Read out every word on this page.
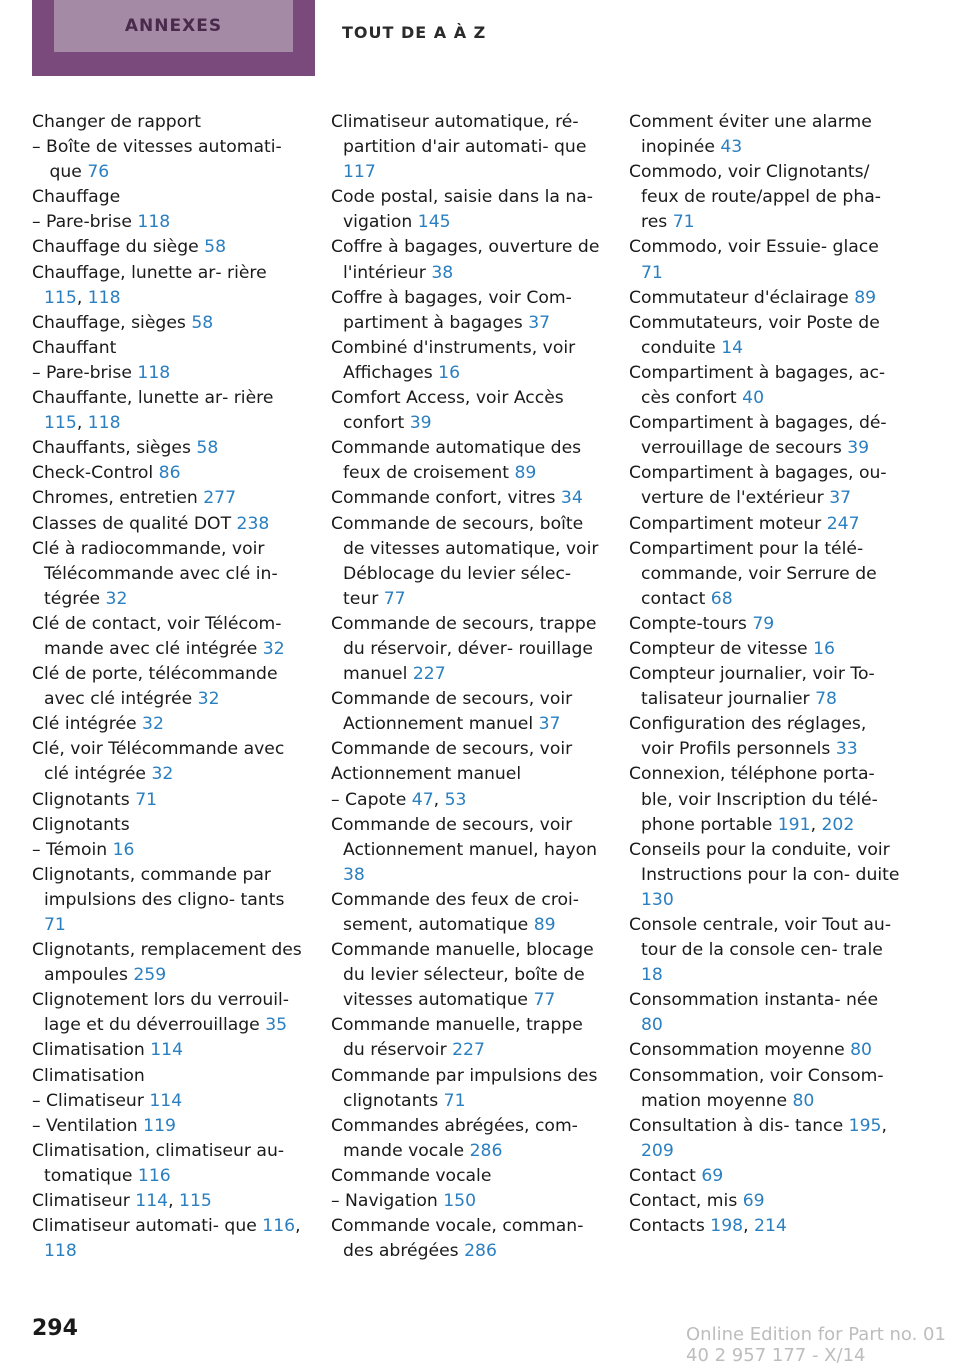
ANNEXES	TOUT DE A À Z
Changer de rapport
– Boîte de vitesses automati‐ que 76
Chauffage
– Pare-brise 118
Chauffage du siège 58
Chauffage, lunette ar‐ rière 115, 118
Chauffage, sièges 58
Chauffant
– Pare-brise 118
Chauffante, lunette ar‐ rière 115, 118
Chauffants, sièges 58
Check-Control 86
Chromes, entretien 277
Classes de qualité DOT 238
Clé à radiocommande, voir Télécommande avec clé in‐ tégrée 32
Clé de contact, voir Télécom‐ mande avec clé intégrée 32
Clé de porte, télécommande avec clé intégrée 32
Clé intégrée 32
Clé, voir Télécommande avec clé intégrée 32
Clignotants 71
Clignotants
– Témoin 16
Clignotants, commande par impulsions des cligno‐ tants 71
Clignotants, remplacement des ampoules 259
Clignotement lors du verrouil‐ lage et du déverrouillage 35
Climatisation 114
Climatisation
– Climatiseur 114
– Ventilation 119
Climatisation, climatiseur au‐ tomatique 116
Climatiseur 114, 115
Climatiseur automati‐ que 116, 118
Climatiseur automatique, ré‐ partition d'air automati‐ que 117
Code postal, saisie dans la na‐ vigation 145
Coffre à bagages, ouverture de l'intérieur 38
Coffre à bagages, voir Com‐ partiment à bagages 37
Combiné d'instruments, voir Affichages 16
Comfort Access, voir Accès confort 39
Commande automatique des feux de croisement 89
Commande confort, vitres 34
Commande de secours, boîte de vitesses automatique, voir Déblocage du levier sélec‐ teur 77
Commande de secours, trappe du réservoir, déver‐ rouillage manuel 227
Commande de secours, voir Actionnement manuel 37
Commande de secours, voir
Actionnement manuel
– Capote 47, 53
Commande de secours, voir Actionnement manuel, hayon 38
Commande des feux de croi‐ sement, automatique 89
Commande manuelle, blocage du levier sélecteur, boîte de vitesses automatique 77
Commande manuelle, trappe du réservoir 227
Commande par impulsions des clignotants 71
Commandes abrégées, com‐ mande vocale 286
Commande vocale
– Navigation 150
Commande vocale, comman‐ des abrégées 286
Comment éviter une alarme inopinée 43
Commodo, voir Clignotants/ feux de route/appel de pha‐ res 71
Commodo, voir Essuie- glace 71
Commutateur d'éclairage 89
Commutateurs, voir Poste de conduite 14
Compartiment à bagages, ac‐ cès confort 40
Compartiment à bagages, dé‐ verrouillage de secours 39
Compartiment à bagages, ou‐ verture de l'extérieur 37
Compartiment moteur 247
Compartiment pour la télé‐ commande, voir Serrure de contact 68
Compte-tours 79
Compteur de vitesse 16
Compteur journalier, voir To‐ talisateur journalier 78
Configuration des réglages, voir Profils personnels 33
Connexion, téléphone porta‐ ble, voir Inscription du télé‐ phone portable 191, 202
Conseils pour la conduite, voir Instructions pour la con‐ duite 130
Console centrale, voir Tout au‐ tour de la console cen‐ trale 18
Consommation instanta‐ née 80
Consommation moyenne 80
Consommation, voir Consom‐ mation moyenne 80
Consultation à dis‐ tance 195, 209
Contact 69
Contact, mis 69
Contacts 198, 214
294	Online Edition for Part no. 01 40 2 957 177 - X/14
